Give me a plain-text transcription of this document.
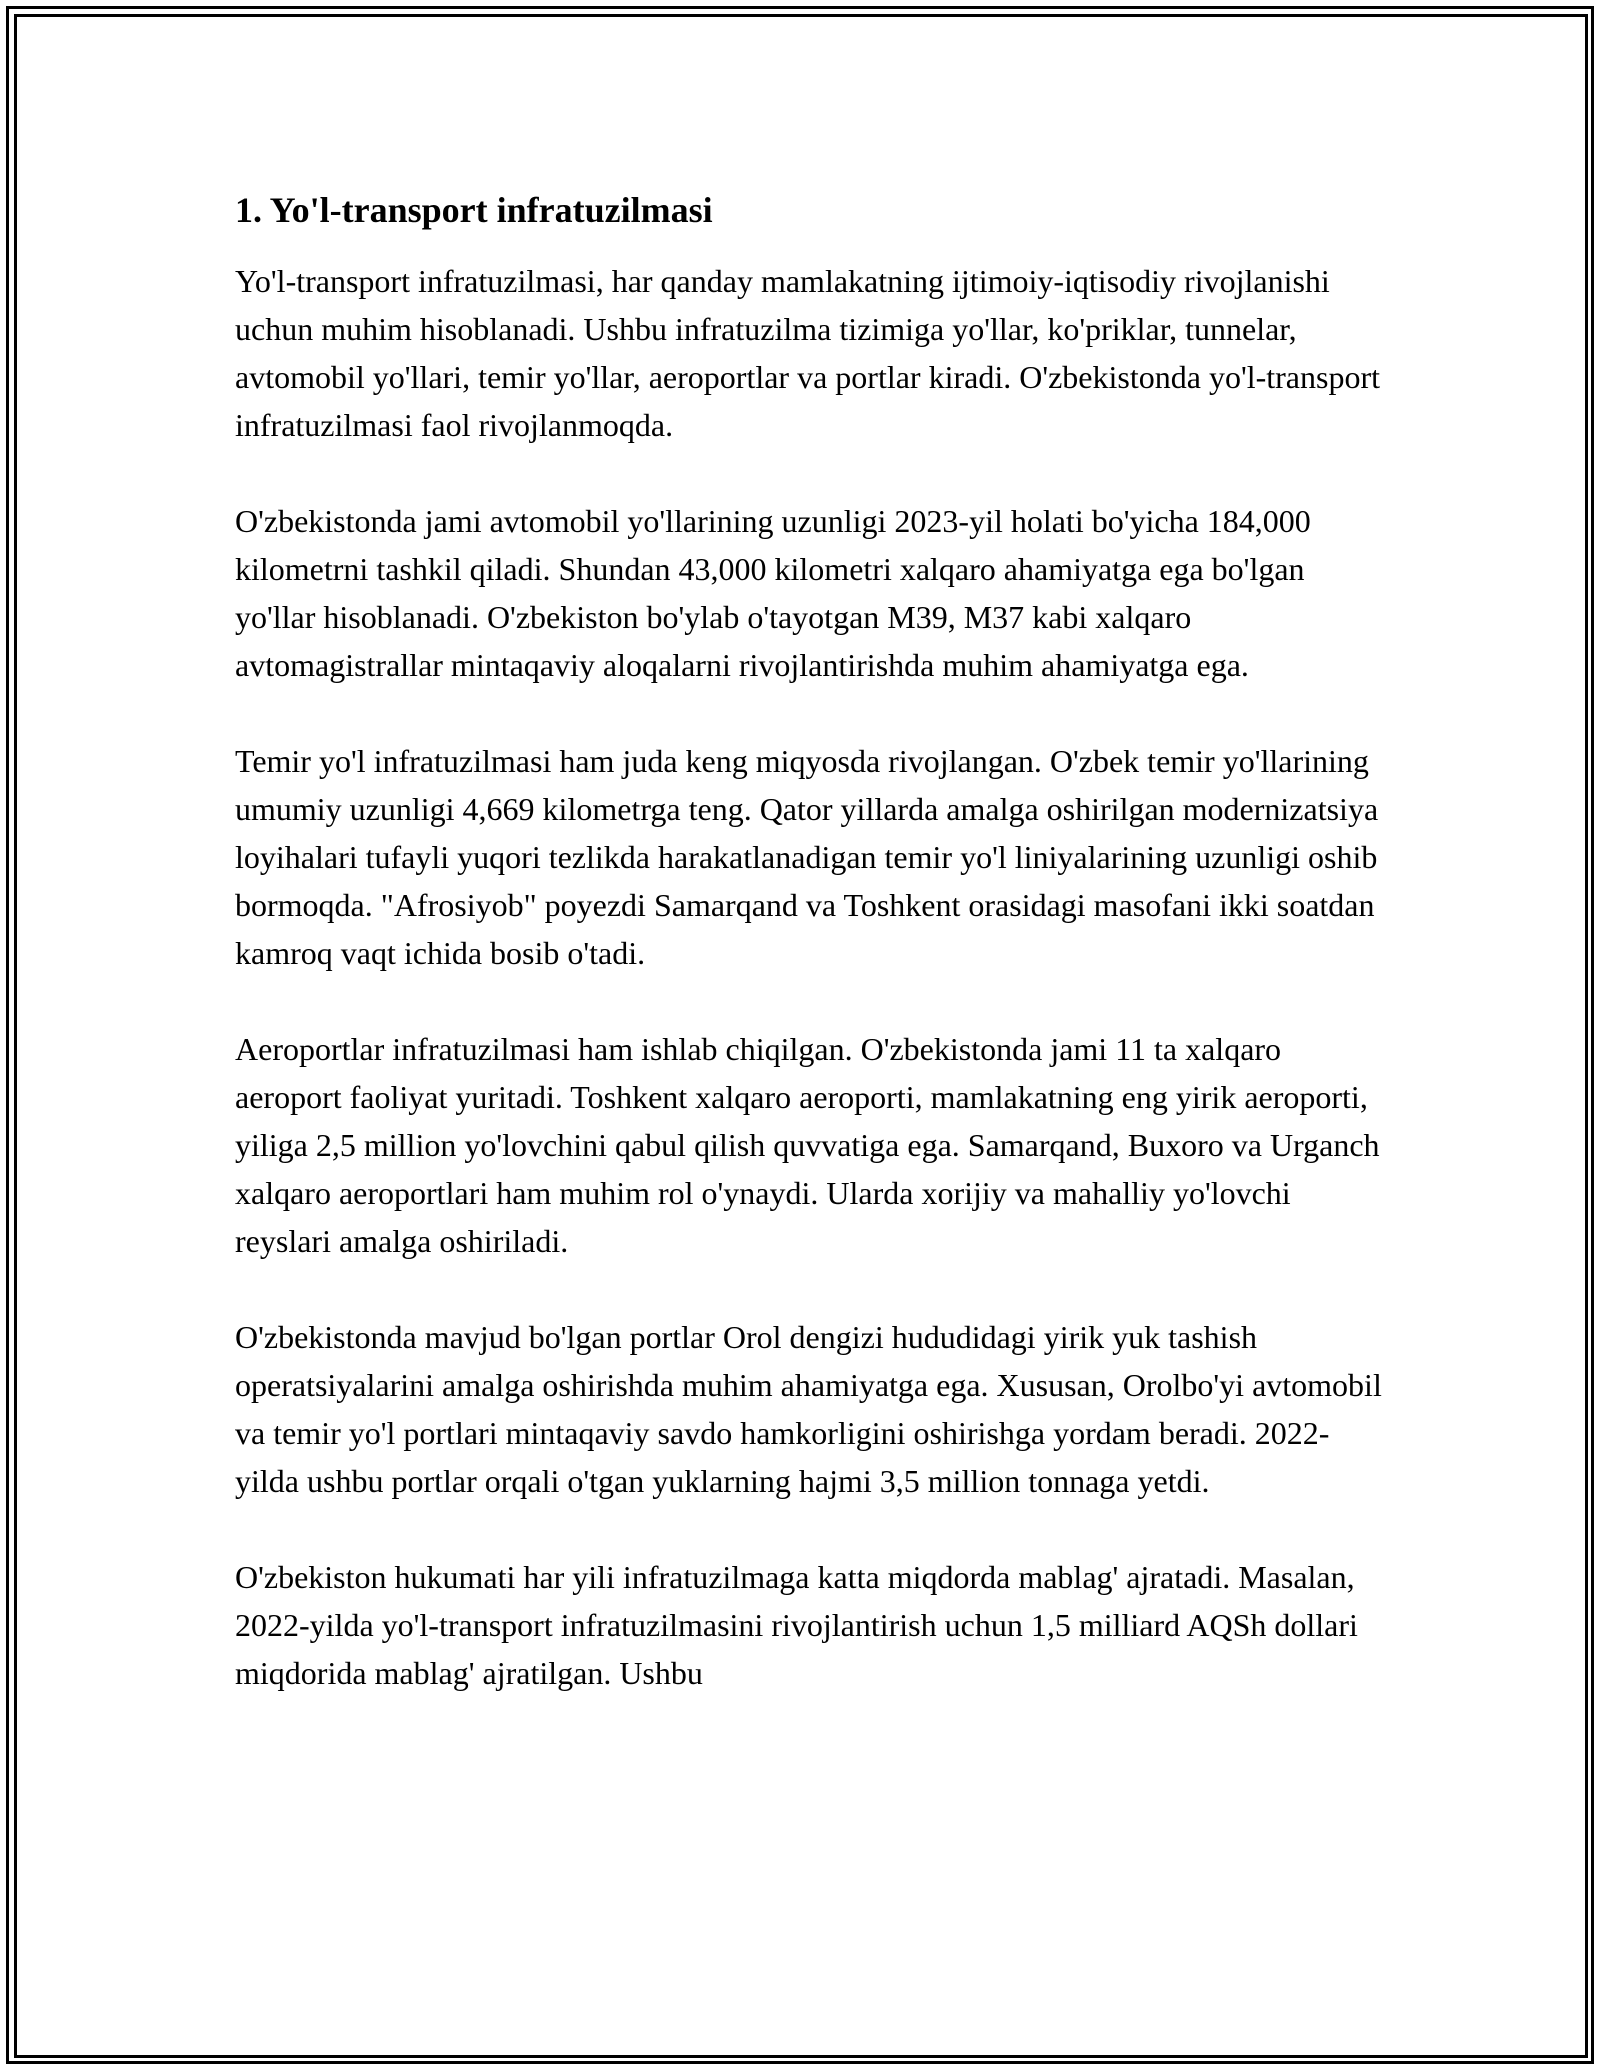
1. Yo'l-transport infratuzilmasi

Yo'l-transport infratuzilmasi, har qanday mamlakatning ijtimoiy-iqtisodiy rivojlanishi uchun muhim hisoblanadi. Ushbu infratuzilma tizimiga yo'llar, ko'priklar, tunnelar, avtomobil yo'llari, temir yo'llar, aeroportlar va portlar kiradi. O'zbekistonda yo'l-transport infratuzilmasi faol rivojlanmoqda.

O'zbekistonda jami avtomobil yo'llarining uzunligi 2023-yil holati bo'yicha 184,000 kilometrni tashkil qiladi. Shundan 43,000 kilometri xalqaro ahamiyatga ega bo'lgan yo'llar hisoblanadi. O'zbekiston bo'ylab o'tayotgan M39, M37 kabi xalqaro avtomagistrallar mintaqaviy aloqalarni rivojlantirishda muhim ahamiyatga ega.

Temir yo'l infratuzilmasi ham juda keng miqyosda rivojlangan. O'zbek temir yo'llarining umumiy uzunligi 4,669 kilometrga teng. Qator yillarda amalga oshirilgan modernizatsiya loyihalari tufayli yuqori tezlikda harakatlanadigan temir yo'l liniyalarining uzunligi oshib bormoqda. "Afrosiyob" poyezdi Samarqand va Toshkent orasidagi masofani ikki soatdan kamroq vaqt ichida bosib o'tadi.

Aeroportlar infratuzilmasi ham ishlab chiqilgan. O'zbekistonda jami 11 ta xalqaro aeroport faoliyat yuritadi. Toshkent xalqaro aeroporti, mamlakatning eng yirik aeroporti, yiliga 2,5 million yo'lovchini qabul qilish quvvatiga ega. Samarqand, Buxoro va Urganch xalqaro aeroportlari ham muhim rol o'ynaydi. Ularda xorijiy va mahalliy yo'lovchi reyslari amalga oshiriladi.

O'zbekistonda mavjud bo'lgan portlar Orol dengizi hududidagi yirik yuk tashish operatsiyalarini amalga oshirishda muhim ahamiyatga ega. Xususan, Orolbo'yi avtomobil va temir yo'l portlari mintaqaviy savdo hamkorligini oshirishga yordam beradi. 2022-yilda ushbu portlar orqali o'tgan yuklarning hajmi 3,5 million tonnaga yetdi.

O'zbekiston hukumati har yili infratuzilmaga katta miqdorda mablag' ajratadi. Masalan, 2022-yilda yo'l-transport infratuzilmasini rivojlantirish uchun 1,5 milliard AQSh dollari miqdorida mablag' ajratilgan. Ushbu
